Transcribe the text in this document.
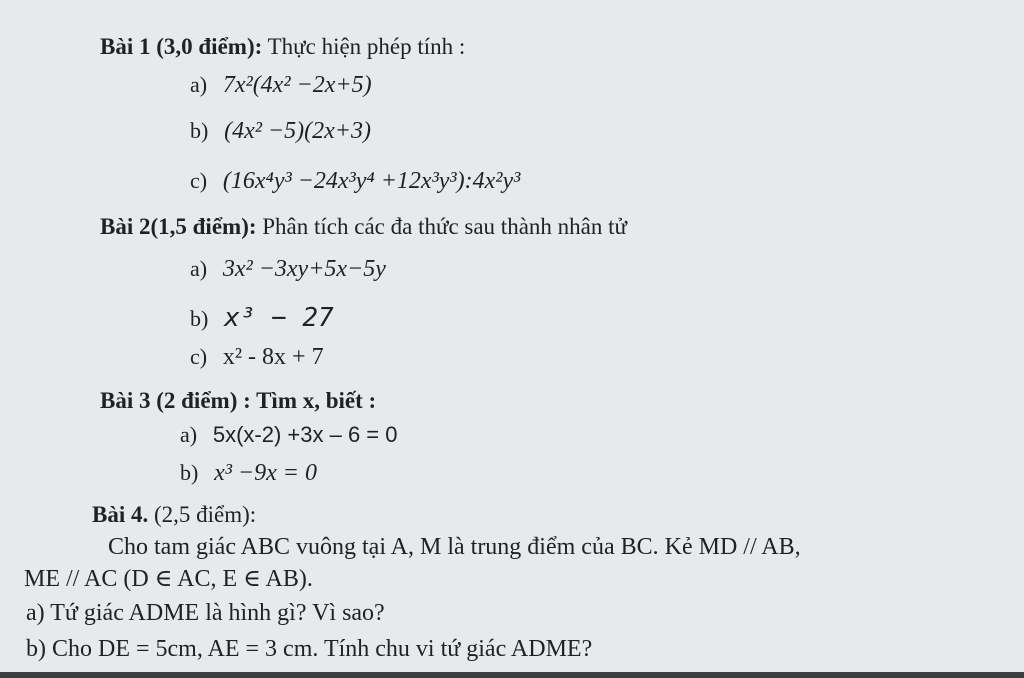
Bài 1 (3,0 điểm): Thực hiện phép tính :
a) 7x²(4x² −2x+5)
b) (4x² −5)(2x+3)
c) (16x⁴y³ −24x³y⁴ +12x³y³):4x²y³
Bài 2(1,5 điểm): Phân tích các đa thức sau thành nhân tử
a) 3x² −3xy+5x−5y
b) x³ − 27
c) x² - 8x + 7
Bài 3 (2 điểm) : Tìm x, biết :
a) 5x(x-2) +3x – 6 = 0
b) x³ −9x = 0
Bài 4. (2,5 điểm):
Cho tam giác ABC vuông tại A, M là trung điểm của BC. Kẻ MD // AB,
ME // AC (D ∈ AC, E ∈ AB).
a) Tứ giác ADME là hình gì? Vì sao?
b) Cho DE = 5cm, AE = 3 cm. Tính chu vi tứ giác ADME?
